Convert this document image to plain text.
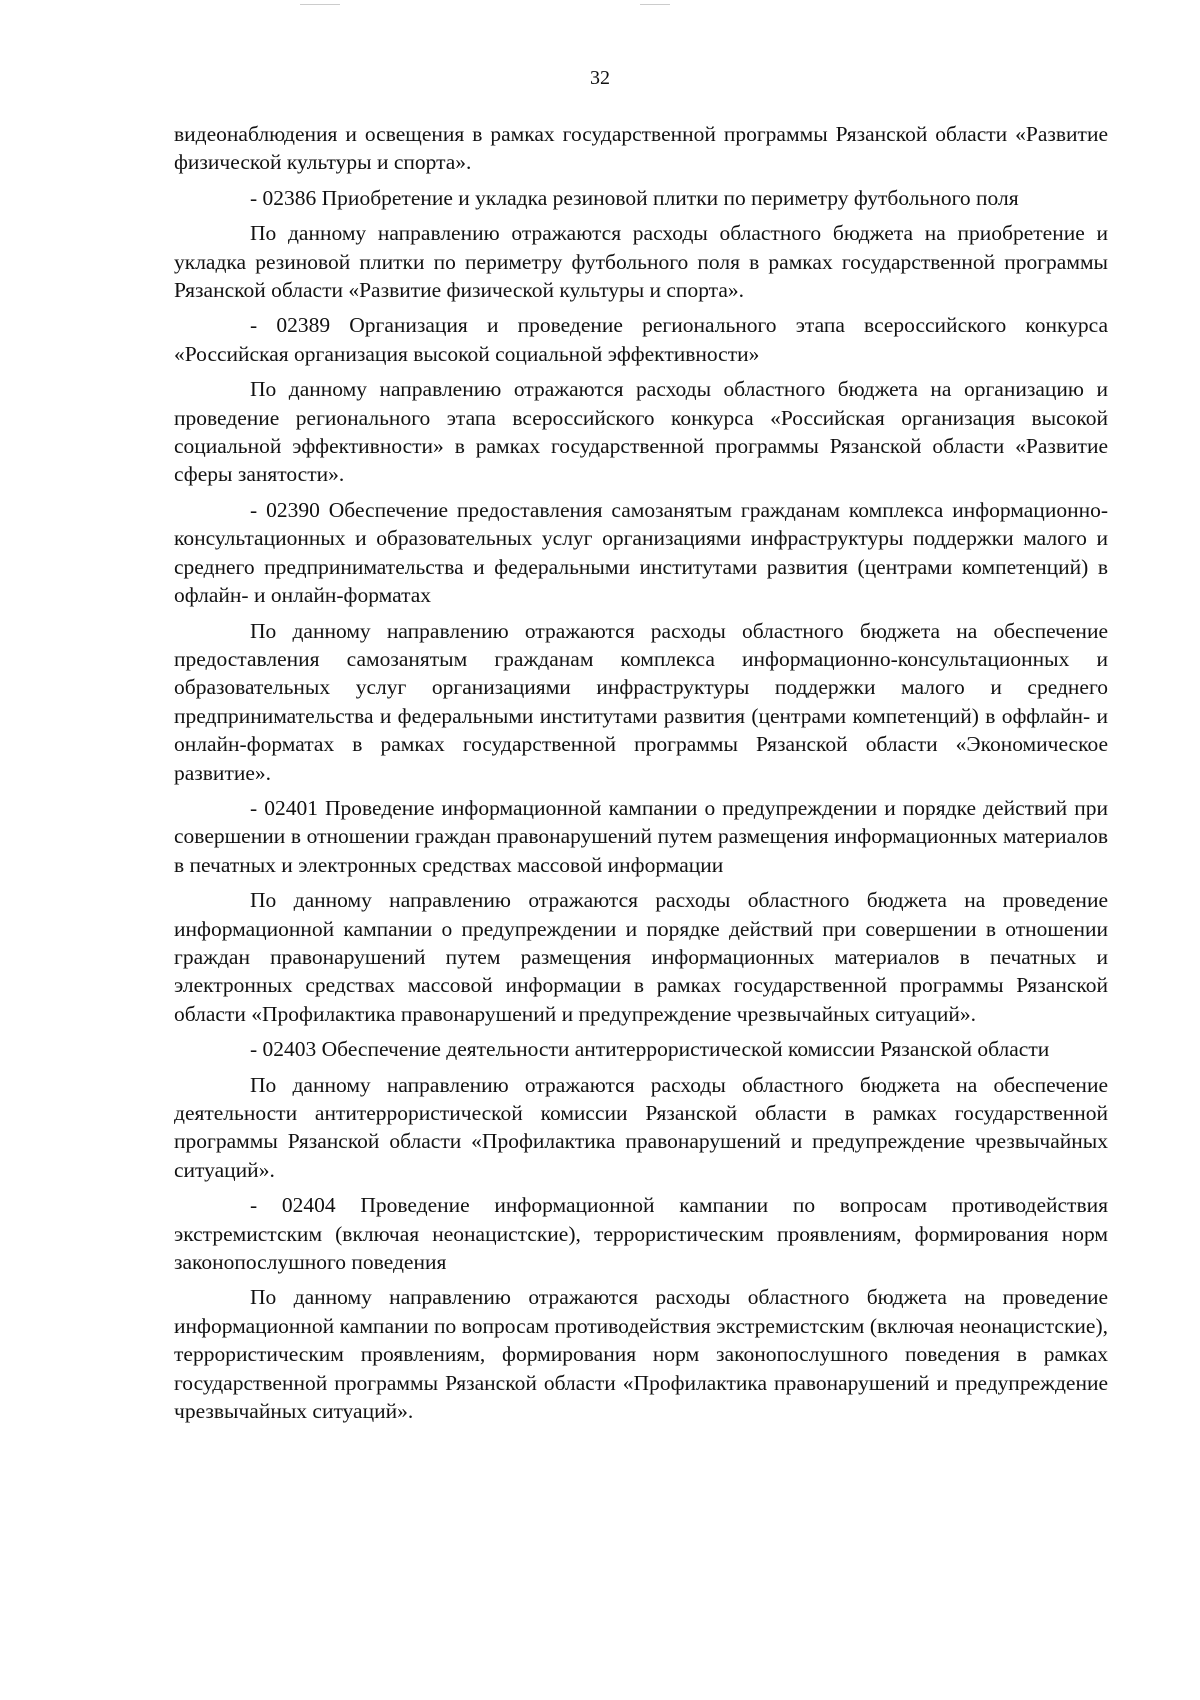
32

видеонаблюдения и освещения в рамках государственной программы Рязанской области «Развитие физической культуры и спорта».

- 02386 Приобретение и укладка резиновой плитки по периметру футбольного поля

По данному направлению отражаются расходы областного бюджета на приобретение и укладка резиновой плитки по периметру футбольного поля в рамках государственной программы Рязанской области «Развитие физической культуры и спорта».

- 02389 Организация и проведение регионального этапа всероссийского конкурса «Российская организация высокой социальной эффективности»

По данному направлению отражаются расходы областного бюджета на организацию и проведение регионального этапа всероссийского конкурса «Российская организация высокой социальной эффективности» в рамках государственной программы Рязанской области «Развитие сферы занятости».

- 02390 Обеспечение предоставления самозанятым гражданам комплекса информационно-консультационных и образовательных услуг организациями инфраструктуры поддержки малого и среднего предпринимательства и федеральными институтами развития (центрами компетенций) в офлайн- и онлайн-форматах

По данному направлению отражаются расходы областного бюджета на обеспечение предоставления самозанятым гражданам комплекса информационно-консультационных и образовательных услуг организациями инфраструктуры поддержки малого и среднего предпринимательства и федеральными институтами развития (центрами компетенций) в оффлайн- и онлайн-форматах в рамках государственной программы Рязанской области «Экономическое развитие».

- 02401 Проведение информационной кампании о предупреждении и порядке действий при совершении в отношении граждан правонарушений путем размещения информационных материалов в печатных и электронных средствах массовой информации

По данному направлению отражаются расходы областного бюджета на проведение информационной кампании о предупреждении и порядке действий при совершении в отношении граждан правонарушений путем размещения информационных материалов в печатных и электронных средствах массовой информации в рамках государственной программы Рязанской области «Профилактика правонарушений и предупреждение чрезвычайных ситуаций».

- 02403 Обеспечение деятельности антитеррористической комиссии Рязанской области

По данному направлению отражаются расходы областного бюджета на обеспечение деятельности антитеррористической комиссии Рязанской области в рамках государственной программы Рязанской области «Профилактика правонарушений и предупреждение чрезвычайных ситуаций».

- 02404 Проведение информационной кампании по вопросам противодействия экстремистским (включая неонацистские), террористическим проявлениям, формирования норм законопослушного поведения

По данному направлению отражаются расходы областного бюджета на проведение информационной кампании по вопросам противодействия экстремистским (включая неонацистские), террористическим проявлениям, формирования норм законопослушного поведения в рамках государственной программы Рязанской области «Профилактика правонарушений и предупреждение чрезвычайных ситуаций».
